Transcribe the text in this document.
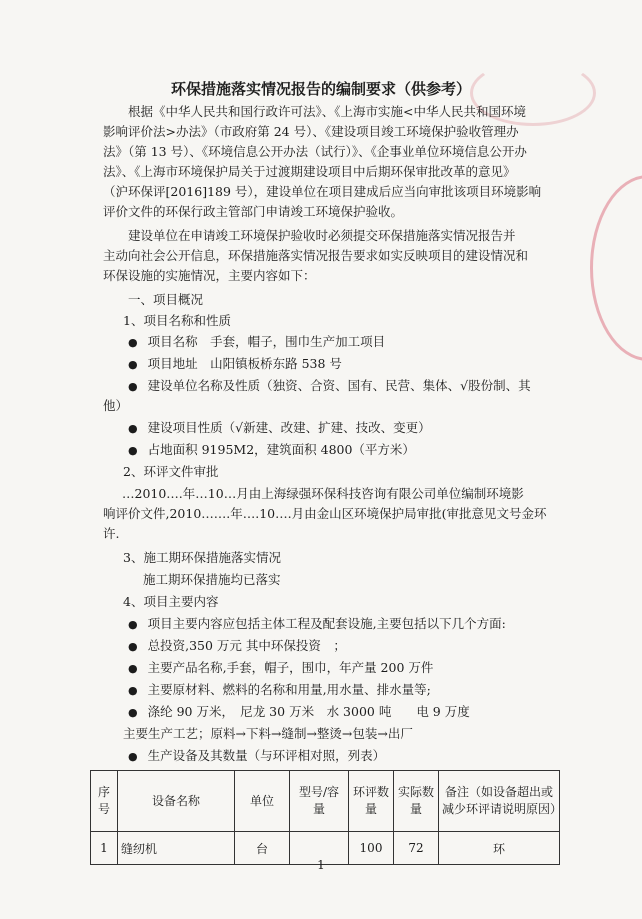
环保措施落实情况报告的编制要求（供参考）
根据《中华人民共和国行政许可法》、《上海市实施<中华人民共和国环境
影响评价法>办法》（市政府第 24 号）、《建设项目竣工环境保护验收管理办
法》（第 13 号）、《环境信息公开办法（试行）》、《企事业单位环境信息公开办
法》、《上海市环境保护局关于过渡期建设项目中后期环保审批改革的意见》
（沪环保评[2016]189 号），建设单位在项目建成后应当向审批该项目环境影响
评价文件的环保行政主管部门申请竣工环境保护验收。
建设单位在申请竣工环境保护验收时必须提交环保措施落实情况报告并
主动向社会公开信息，环保措施落实情况报告要求如实反映项目的建设情况和
环保设施的实施情况，主要内容如下：
一、项目概况
1、项目名称和性质
● 项目名称　手套，帽子，围巾生产加工项目
● 项目地址　山阳镇板桥东路 538 号
● 建设单位名称及性质（独资、合资、国有、民营、集体、√股份制、其
他）
● 建设项目性质（√新建、改建、扩建、技改、变更）
● 占地面积 9195M2，建筑面积 4800（平方米）
2、环评文件审批
…2010….年…10…月由上海绿强环保科技咨询有限公司单位编制环境影
响评价文件,2010…….年….10….月由金山区环境保护局审批(审批意见文号金环
许.
3、施工期环保措施落实情况
施工期环保措施均已落实
4、项目主要内容
● 项目主要内容应包括主体工程及配套设施,主要包括以下几个方面:
● 总投资,350 万元 其中环保投资　；
● 主要产品名称,手套，帽子，围巾，年产量 200 万件
● 主要原材料、燃料的名称和用量,用水量、排水量等;
● 涤纶 90 万米，　尼龙 30 万米　水 3000 吨　　电 9 万度
主要生产工艺；原料→下料→缝制→整烫→包装→出厂
● 生产设备及其数量（与环评相对照，列表）
序号	设备名称	单位	型号/容量	环评数量	实际数量	备注（如设备超出或减少环评请说明原因）
1	缝纫机	台		100	72	环
1
